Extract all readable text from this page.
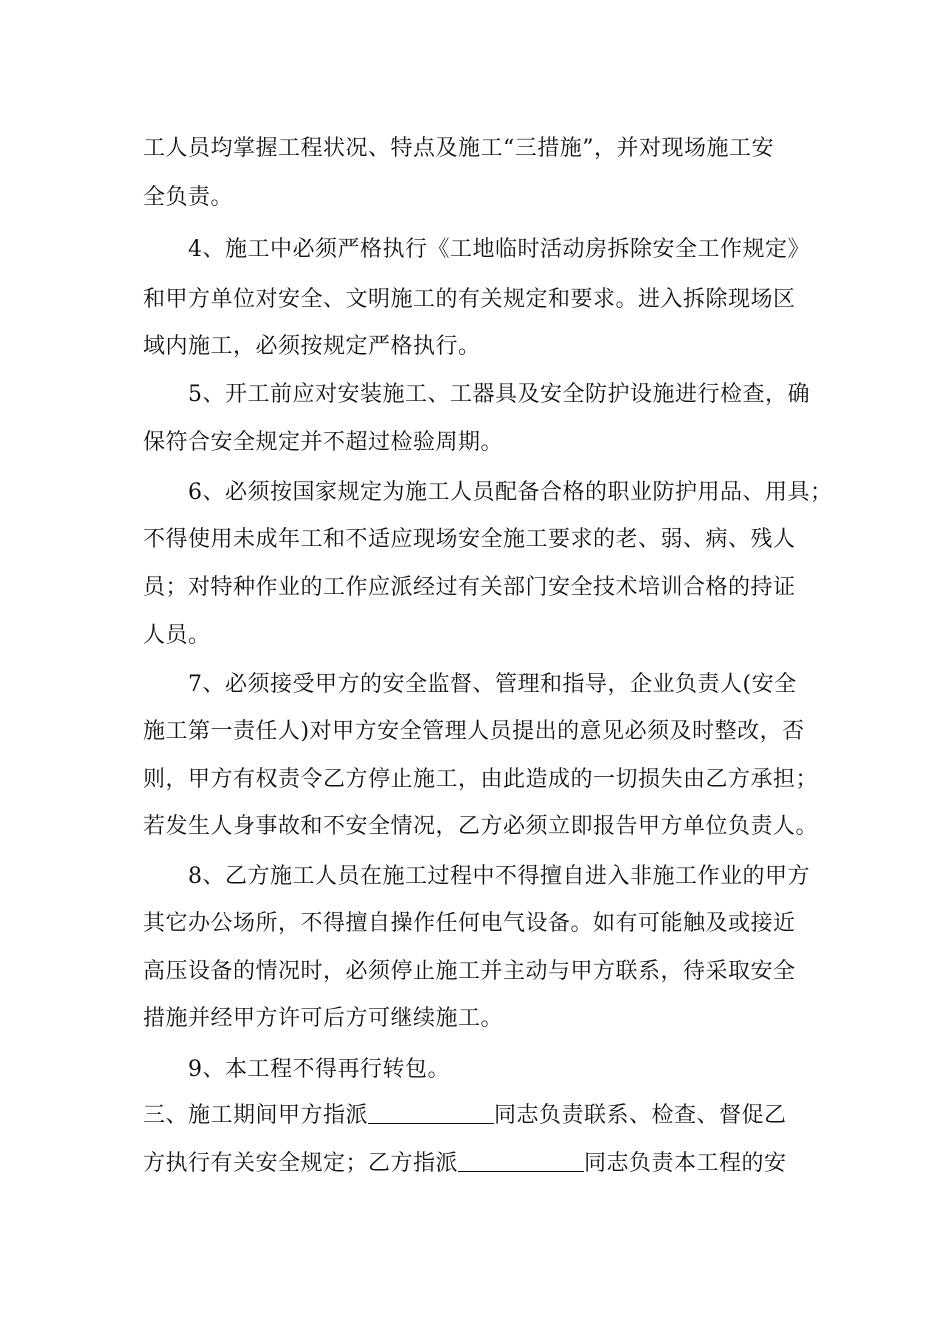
工人员均掌握工程状况、特点及施工“三措施”，并对现场施工安
全负责。
4、施工中必须严格执行《工地临时活动房拆除安全工作规定》
和甲方单位对安全、文明施工的有关规定和要求。进入拆除现场区
域内施工，必须按规定严格执行。
5、开工前应对安装施工、工器具及安全防护设施进行检查，确
保符合安全规定并不超过检验周期。
6、必须按国家规定为施工人员配备合格的职业防护用品、用具；
不得使用未成年工和不适应现场安全施工要求的老、弱、病、残人
员；对特种作业的工作应派经过有关部门安全技术培训合格的持证
人员。
7、必须接受甲方的安全监督、管理和指导，企业负责人(安全
施工第一责任人)对甲方安全管理人员提出的意见必须及时整改，否
则，甲方有权责令乙方停止施工，由此造成的一切损失由乙方承担；
若发生人身事故和不安全情况，乙方必须立即报告甲方单位负责人。
8、乙方施工人员在施工过程中不得擅自进入非施工作业的甲方
其它办公场所，不得擅自操作任何电气设备。如有可能触及或接近
高压设备的情况时，必须停止施工并主动与甲方联系，待采取安全
措施并经甲方许可后方可继续施工。
9、本工程不得再行转包。
三、施工期间甲方指派	同志负责联系、检查、督促乙
方执行有关安全规定；乙方指派	同志负责本工程的安
